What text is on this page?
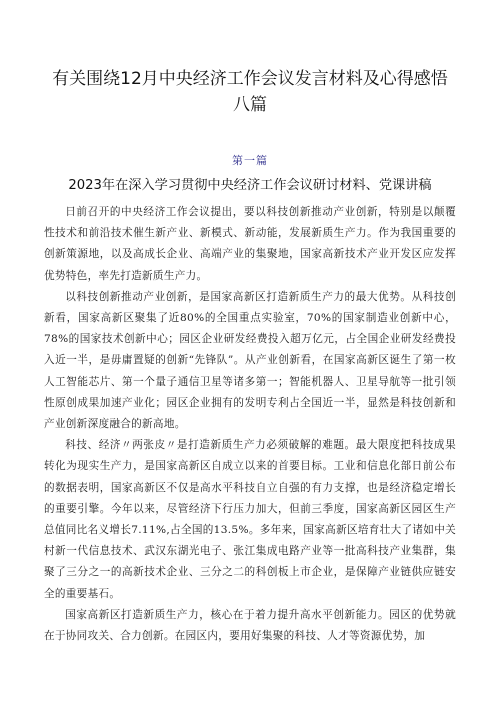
有关围绕12月中央经济工作会议发言材料及心得感悟八篇
第一篇
2023年在深入学习贯彻中央经济工作会议研讨材料、党课讲稿

日前召开的中央经济工作会议提出，要以科技创新推动产业创新，特别是以颠覆性技术和前沿技术催生新产业、新模式、新动能，发展新质生产力。作为我国重要的创新策源地，以及高成长企业、高端产业的集聚地，国家高新技术产业开发区应发挥优势特色，率先打造新质生产力。

以科技创新推动产业创新，是国家高新区打造新质生产力的最大优势。从科技创新看，国家高新区聚集了近80%的全国重点实验室，70%的国家制造业创新中心，78%的国家技术创新中心；园区企业研发经费投入超万亿元，占全国企业研发经费投入近一半，是毋庸置疑的创新“先锋队”。从产业创新看，在国家高新区诞生了第一枚人工智能芯片、第一个量子通信卫星等诸多第一；智能机器人、卫星导航等一批引领性原创成果加速产业化；园区企业拥有的发明专利占全国近一半，显然是科技创新和产业创新深度融合的新高地。

科技、经济〃两张皮〃是打造新质生产力必须破解的难题。最大限度把科技成果转化为现实生产力，是国家高新区自成立以来的首要目标。工业和信息化部日前公布的数据表明，国家高新区不仅是高水平科技自立自强的有力支撑，也是经济稳定增长的重要引擎。今年以来，尽管经济下行压力加大，但前三季度，国家高新区园区生产总值同比名义增长7.11%,占全国的13.5%。多年来，国家高新区培育壮大了诸如中关村新一代信息技术、武汉东湖光电子、张江集成电路产业等一批高科技产业集群，集聚了三分之一的高新技术企业、三分之二的科创板上市企业，是保障产业链供应链安全的重要基石。

国家高新区打造新质生产力，核心在于着力提升高水平创新能力。园区的优势就在于协同攻关、合力创新。在园区内，要用好集聚的科技、人才等资源优势，加
